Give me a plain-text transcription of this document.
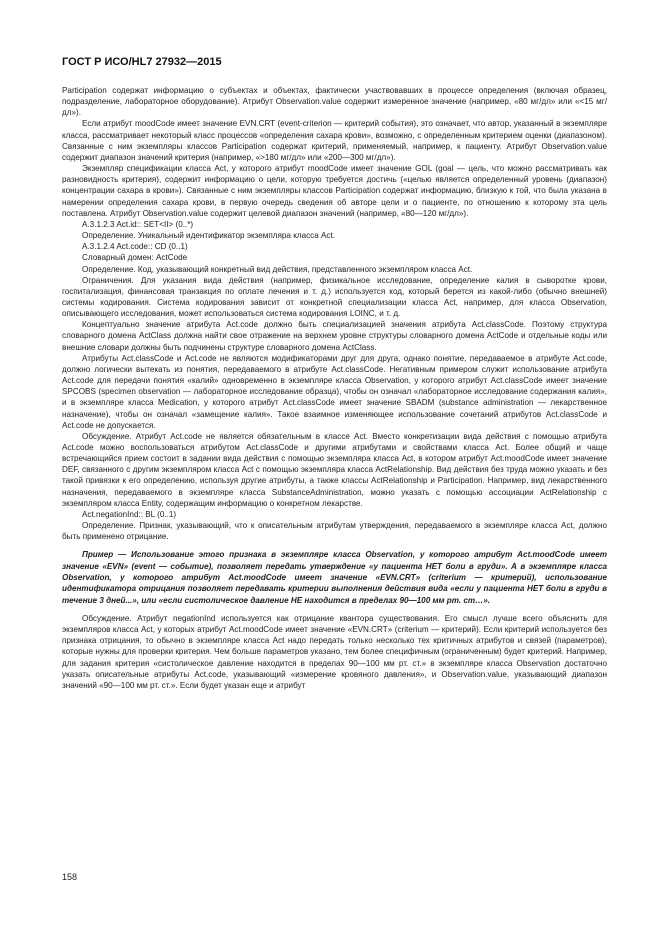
ГОСТ Р ИСО/HL7 27932—2015

Participation содержат информацию о субъектах и объектах, фактически участвовавших в процессе определения (включая образец, подразделение, лабораторное оборудование). Атрибут Observation.value содержит измеренное значение (например, «80 мг/дл» или «<15 мг/дл»).

Если атрибут moodCode имеет значение EVN.CRT (event-criterion — критерий события), это означает, что автор, указанный в экземпляре класса, рассматривает некоторый класс процессов «определения сахара крови», возможно, с определенным критерием оценки (диапазоном). Связанные с ним экземпляры классов Participation содержат критерий, применяемый, например, к пациенту. Атрибут Observation.value содержит диапазон значений критерия (например, «>180 мг/дл» или «200—300 мг/дл»).

Экземпляр спецификации класса Act, у которого атрибут moodCode имеет значение GOL (goal — цель, что можно рассматривать как разновидность критерия), содержит информацию о цели, которую требуется достичь («целью является определенный уровень (диапазон) концентрации сахара в крови»). Связанные с ним экземпляры классов Participation содержат информацию, близкую к той, что была указана в намерении определения сахара крови, в первую очередь сведения об авторе цели и о пациенте, по отношению к которому эта цель поставлена. Атрибут Observation.value содержит целевой диапазон значений (например, «80—120 мг/дл»).

A.3.1.2.3 Act.id:: SET<II> (0..*)

Определение. Уникальный идентификатор экземпляра класса Act.

A.3.1.2.4 Act.code:: CD (0..1)

Словарный домен: ActCode

Определение. Код, указывающий конкретный вид действия, представленного экземпляром класса Act.

Ограничения. Для указания вида действия (например, физикальное исследование, определение калия в сыворотке крови, госпитализация, финансовая транзакция по оплате лечения и т. д.) используется код, который берется из какой-либо (обычно внешней) системы кодирования. Система кодирования зависит от конкретной специализации класса Act, например, для класса Observation, описывающего исследования, может использоваться система кодирования LOINC, и т. д.

Концептуально значение атрибута Act.code должно быть специализацией значения атрибута Act.classCode. Поэтому структура словарного домена ActClass должна найти свое отражение на верхнем уровне структуры словарного домена ActCode и отдельные коды или внешние словари должны быть подчинены структуре словарного домена ActClass.

Атрибуты Act.classCode и Act.code не являются модификаторами друг для друга, однако понятие, передаваемое в атрибуте Act.code, должно логически вытекать из понятия, передаваемого в атрибуте Act.classCode. Негативным примером служит использование атрибута Act.code для передачи понятия «калий» одновременно в экземпляре класса Observation, у которого атрибут Act.classCode имеет значение SPCOBS (specimen observation — лабораторное исследование образца), чтобы он означал «лабораторное исследование содержания калия», и в экземпляре класса Medication, у которого атрибут Act.classCode имеет значение SBADM (substance administration — лекарственное назначение), чтобы он означал «замещение калия». Такое взаимное изменяющее использование сочетаний атрибутов Act.classCode и Act.code не допускается.

Обсуждение. Атрибут Act.code не является обязательным в классе Act. Вместо конкретизации вида действия с помощью атрибута Act.code можно воспользоваться атрибутом Act.classCode и другими атрибутами и свойствами класса Act. Более общий и чаще встречающийся прием состоит в задании вида действия с помощью экземпляра класса Act, в котором атрибут Act.moodCode имеет значение DEF, связанного с другим экземпляром класса Act с помощью экземпляра класса ActRelationship. Вид действия без труда можно указать и без такой привязки к его определению, используя другие атрибуты, а также классы ActRelationship и Participation. Например, вид лекарственного назначения, передаваемого в экземпляре класса SubstanceAdministration, можно указать с помощью ассоциации ActRelationship с экземпляром класса Entity, содержащим информацию о конкретном лекарстве.

Act.negationInd:: BL (0..1)

Определение. Признак, указывающий, что к описательным атрибутам утверждения, передаваемого в экземпляре класса Act, должно быть применено отрицание.

Пример — Использование этого признака в экземпляре класса Observation, у которого атрибут Act.moodCode имеет значение «EVN» (event — событие), позволяет передать утверждение «у пациента НЕТ боли в груди». А в экземпляре класса Observation, у которого атрибут Act.moodCode имеет значение «EVN.CRT» (criterium — критерий), использование идентификатора отрицания позволяет передавать критерии выполнения действия вида «если у пациента НЕТ боли в груди в течение 3 дней...», или «если систолическое давление НЕ находится в пределах 90—100 мм рт. ст…».

Обсуждение. Атрибут negationInd используется как отрицание квантора существования. Его смысл лучше всего объяснить для экземпляров класса Act, у которых атрибут Act.moodCode имеет значение «EVN.CRT» (criterium — критерий). Если критерий используется без признака отрицания, то обычно в экземпляре класса Act надо передать только несколько тех критичных атрибутов и связей (параметров), которые нужны для проверки критерия. Чем больше параметров указано, тем более специфичным (ограниченным) будет критерий. Например, для задания критерия «систолическое давление находится в пределах 90—100 мм рт. ст.» в экземпляре класса Observation достаточно указать описательные атрибуты Act.code, указывающий «измерение кровяного давления», и Observation.value, указывающий диапазон значений «90—100 мм рт. ст.». Если будет указан еще и атрибут

158
